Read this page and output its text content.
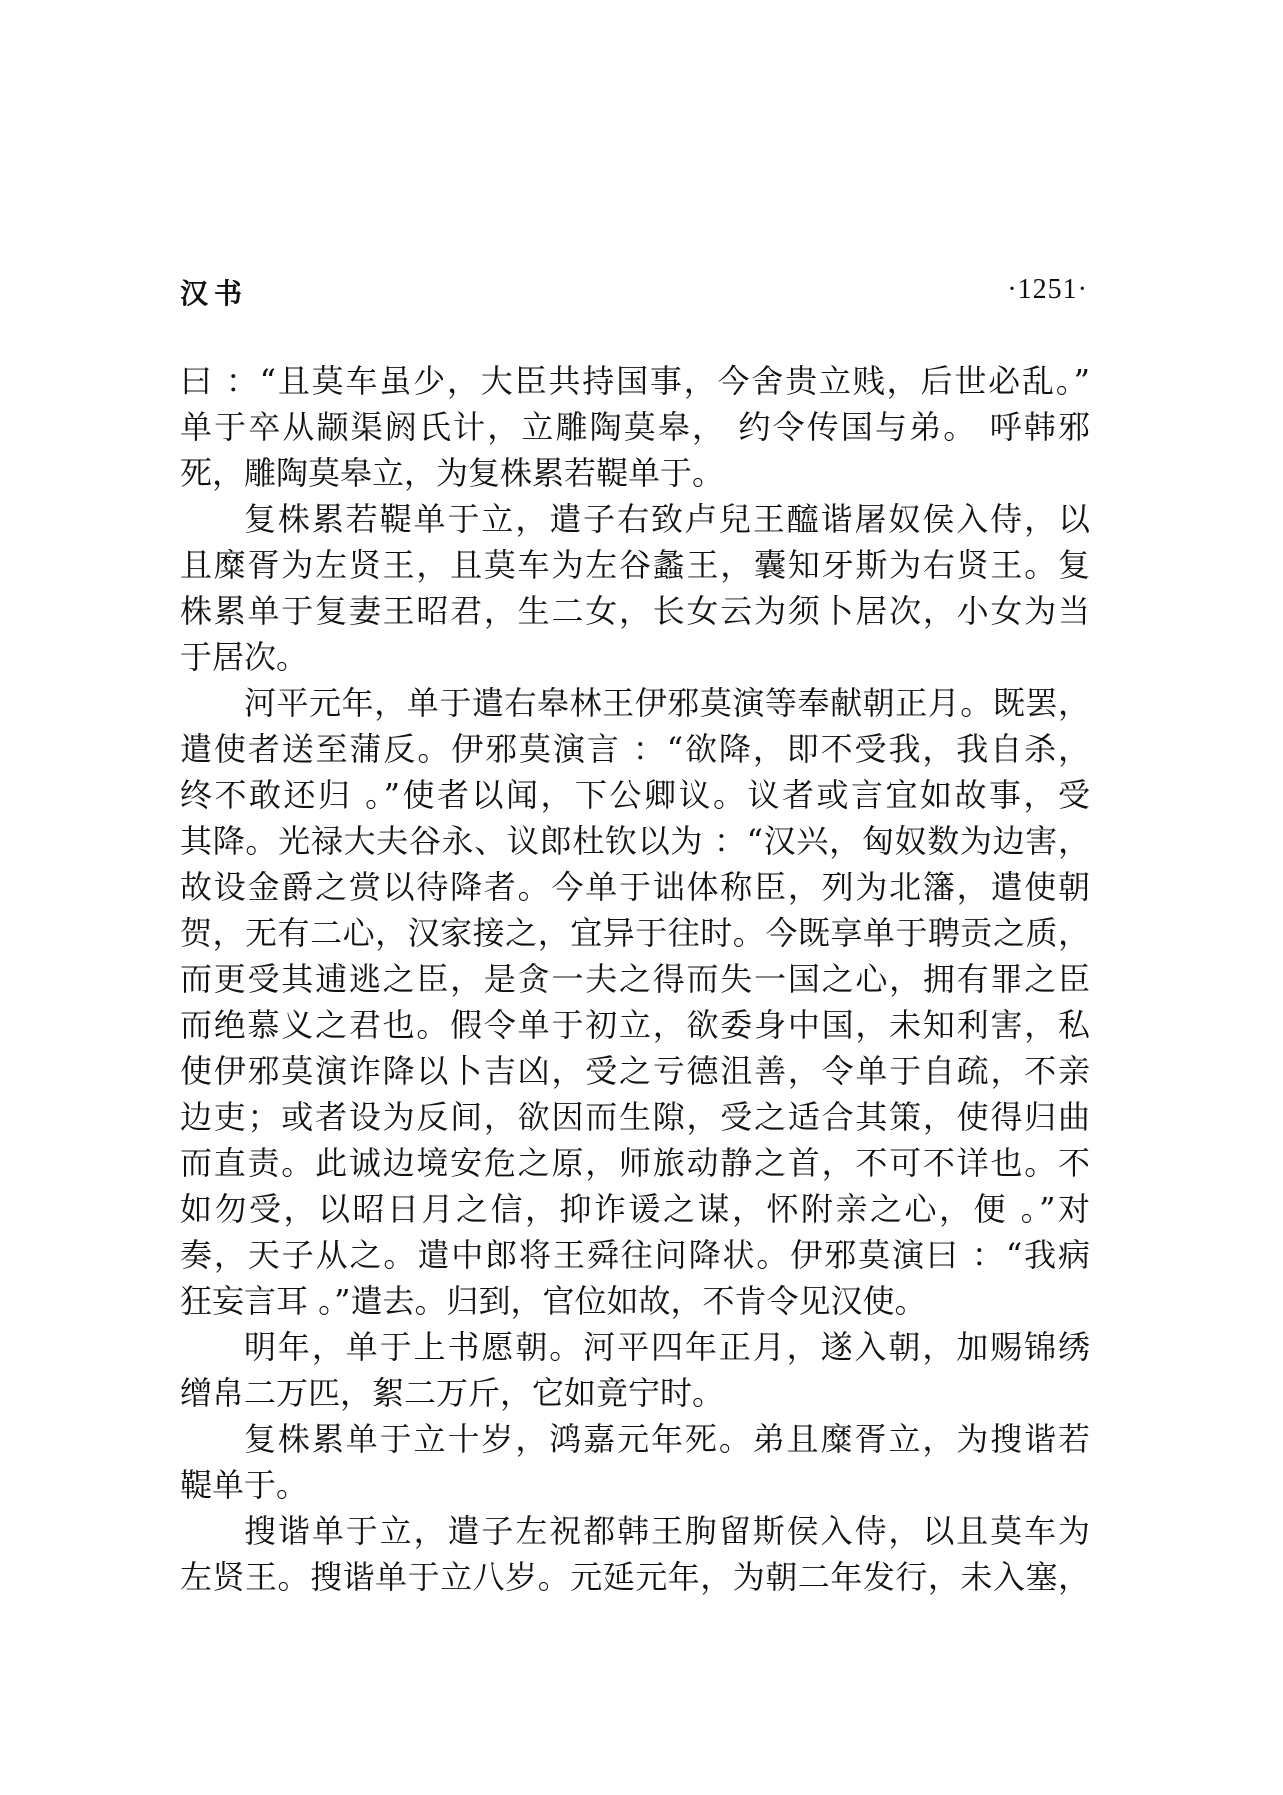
汉书	·1251·
曰 ：“且莫车虽少，大臣共持国事，今舍贵立贱，后世必乱。”
单于卒从颛渠阏氏计，立雕陶莫皋， 约令传国与弟。 呼韩邪
死，雕陶莫皋立，为复株累若鞮单于。
复株累若鞮单于立，遣子右致卢兒王醯谐屠奴侯入侍，以
且糜胥为左贤王，且莫车为左谷蠡王，囊知牙斯为右贤王。复
株累单于复妻王昭君，生二女，长女云为须卜居次，小女为当
于居次。
河平元年，单于遣右皋林王伊邪莫演等奉献朝正月。既罢，
遣使者送至蒲反。伊邪莫演言 ：“欲降，即不受我，我自杀，
终不敢还归 。”使者以闻，下公卿议。议者或言宜如故事，受
其降。光禄大夫谷永、议郎杜钦以为 ：“汉兴，匈奴数为边害，
故设金爵之赏以待降者。今单于诎体称臣，列为北籓，遣使朝
贺，无有二心，汉家接之，宜异于往时。今既享单于聘贡之质，
而更受其逋逃之臣，是贪一夫之得而失一国之心，拥有罪之臣
而绝慕义之君也。假令单于初立，欲委身中国，未知利害，私
使伊邪莫演诈降以卜吉凶，受之亏德沮善，令单于自疏，不亲
边吏；或者设为反间，欲因而生隙，受之适合其策，使得归曲
而直责。此诚边境安危之原，师旅动静之首，不可不详也。不
如勿受，以昭日月之信，抑诈谖之谋，怀附亲之心，便 。”对
奏，天子从之。遣中郎将王舜往问降状。伊邪莫演曰 ：“我病
狂妄言耳 。”遣去。归到，官位如故，不肯令见汉使。
明年，单于上书愿朝。河平四年正月，遂入朝，加赐锦绣
缯帛二万匹，絮二万斤，它如竟宁时。
复株累单于立十岁，鸿嘉元年死。弟且糜胥立，为搜谐若
鞮单于。
搜谐单于立，遣子左祝都韩王朐留斯侯入侍，以且莫车为
左贤王。搜谐单于立八岁。元延元年，为朝二年发行，未入塞，
